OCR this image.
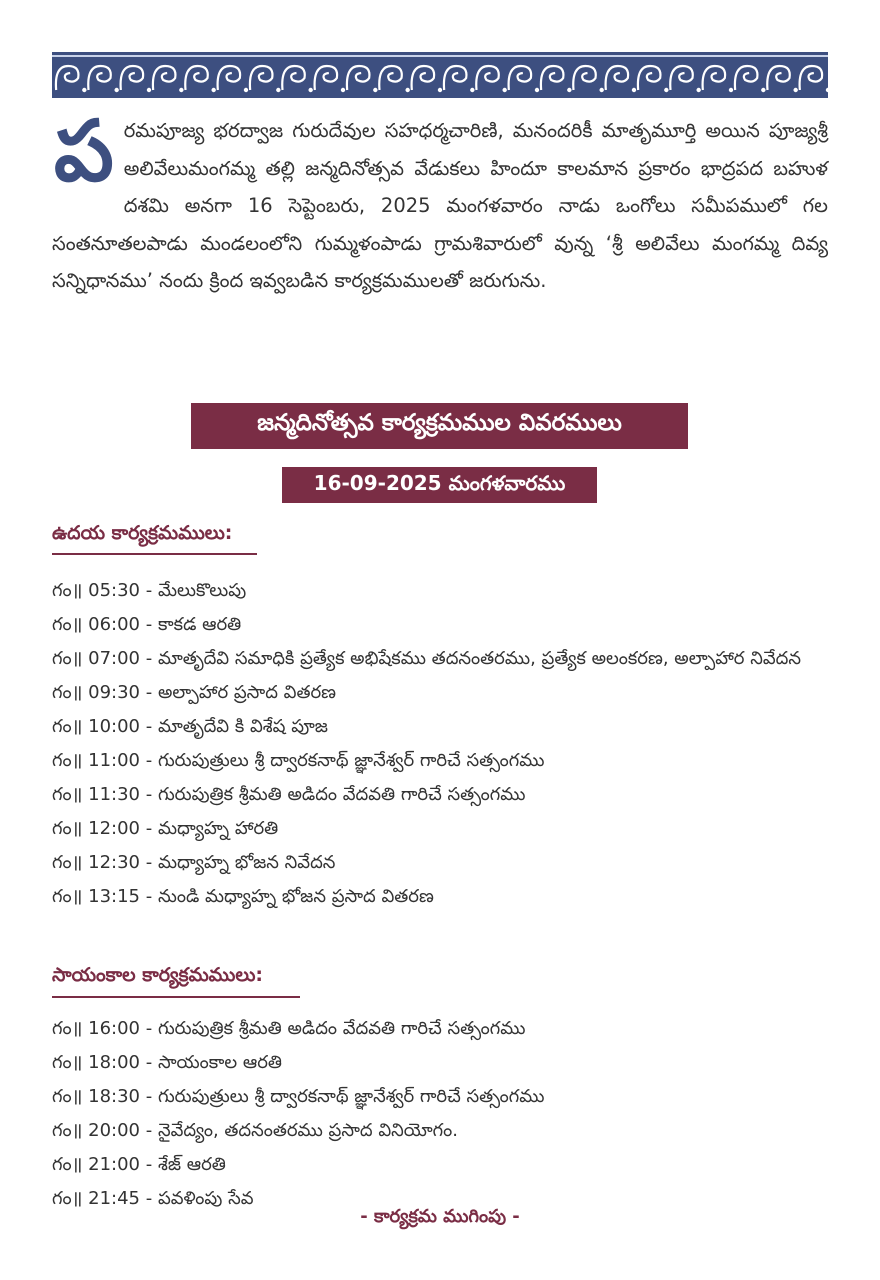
ప రమపూజ్య భరద్వాజ గురుదేవుల సహధర్మచారిణి, మనందరికీ మాతృమూర్తి అయిన పూజ్యశ్రీ అలివేలుమంగమ్మ తల్లి జన్మదినోత్సవ వేడుకలు హిందూ కాలమాన ప్రకారం భాద్రపద బహుళ దశమి అనగా 16 సెప్టెంబరు, 2025 మంగళవారం నాడు ఒంగోలు సమీపములో గల సంతనూతలపాడు మండలంలోని గుమ్మళంపాడు గ్రామశివారులో వున్న ‘శ్రీ అలివేలు మంగమ్మ దివ్య సన్నిధానము’ నందు క్రింద ఇవ్వబడిన కార్యక్రమములతో జరుగును.
జన్మదినోత్సవ కార్యక్రమముల వివరములు
16-09-2025 మంగళవారము
ఉదయ కార్యక్రమములు:
గం॥ 05:30 - మేలుకొలుపు
గం॥ 06:00 - కాకడ ఆరతి
గం॥ 07:00 - మాతృదేవి సమాధికి ప్రత్యేక అభిషేకము తదనంతరము, ప్రత్యేక అలంకరణ, అల్పాహార నివేదన
గం॥ 09:30 - అల్పాహార ప్రసాద వితరణ
గం॥ 10:00 - మాతృదేవి కి విశేష పూజ
గం॥ 11:00 - గురుపుత్రులు శ్రీ ద్వారకనాథ్ జ్ఞానేశ్వర్ గారిచే సత్సంగము
గం॥ 11:30 - గురుపుత్రిక శ్రీమతి అడిదం వేదవతి గారిచే సత్సంగము
గం॥ 12:00 - మధ్యాహ్న హారతి
గం॥ 12:30 - మధ్యాహ్న భోజన నివేదన
గం॥ 13:15 - నుండి మధ్యాహ్న భోజన ప్రసాద వితరణ
సాయంకాల కార్యక్రమములు:
గం॥ 16:00 - గురుపుత్రిక శ్రీమతి అడిదం వేదవతి గారిచే సత్సంగము
గం॥ 18:00 - సాయంకాల ఆరతి
గం॥ 18:30 - గురుపుత్రులు శ్రీ ద్వారకనాథ్ జ్ఞానేశ్వర్ గారిచే సత్సంగము
గం॥ 20:00 - నైవేద్యం, తదనంతరము ప్రసాద వినియోగం.
గం॥ 21:00 - శేజ్ ఆరతి
గం॥ 21:45 - పవళింపు సేవ
- కార్యక్రమ ముగింపు -
